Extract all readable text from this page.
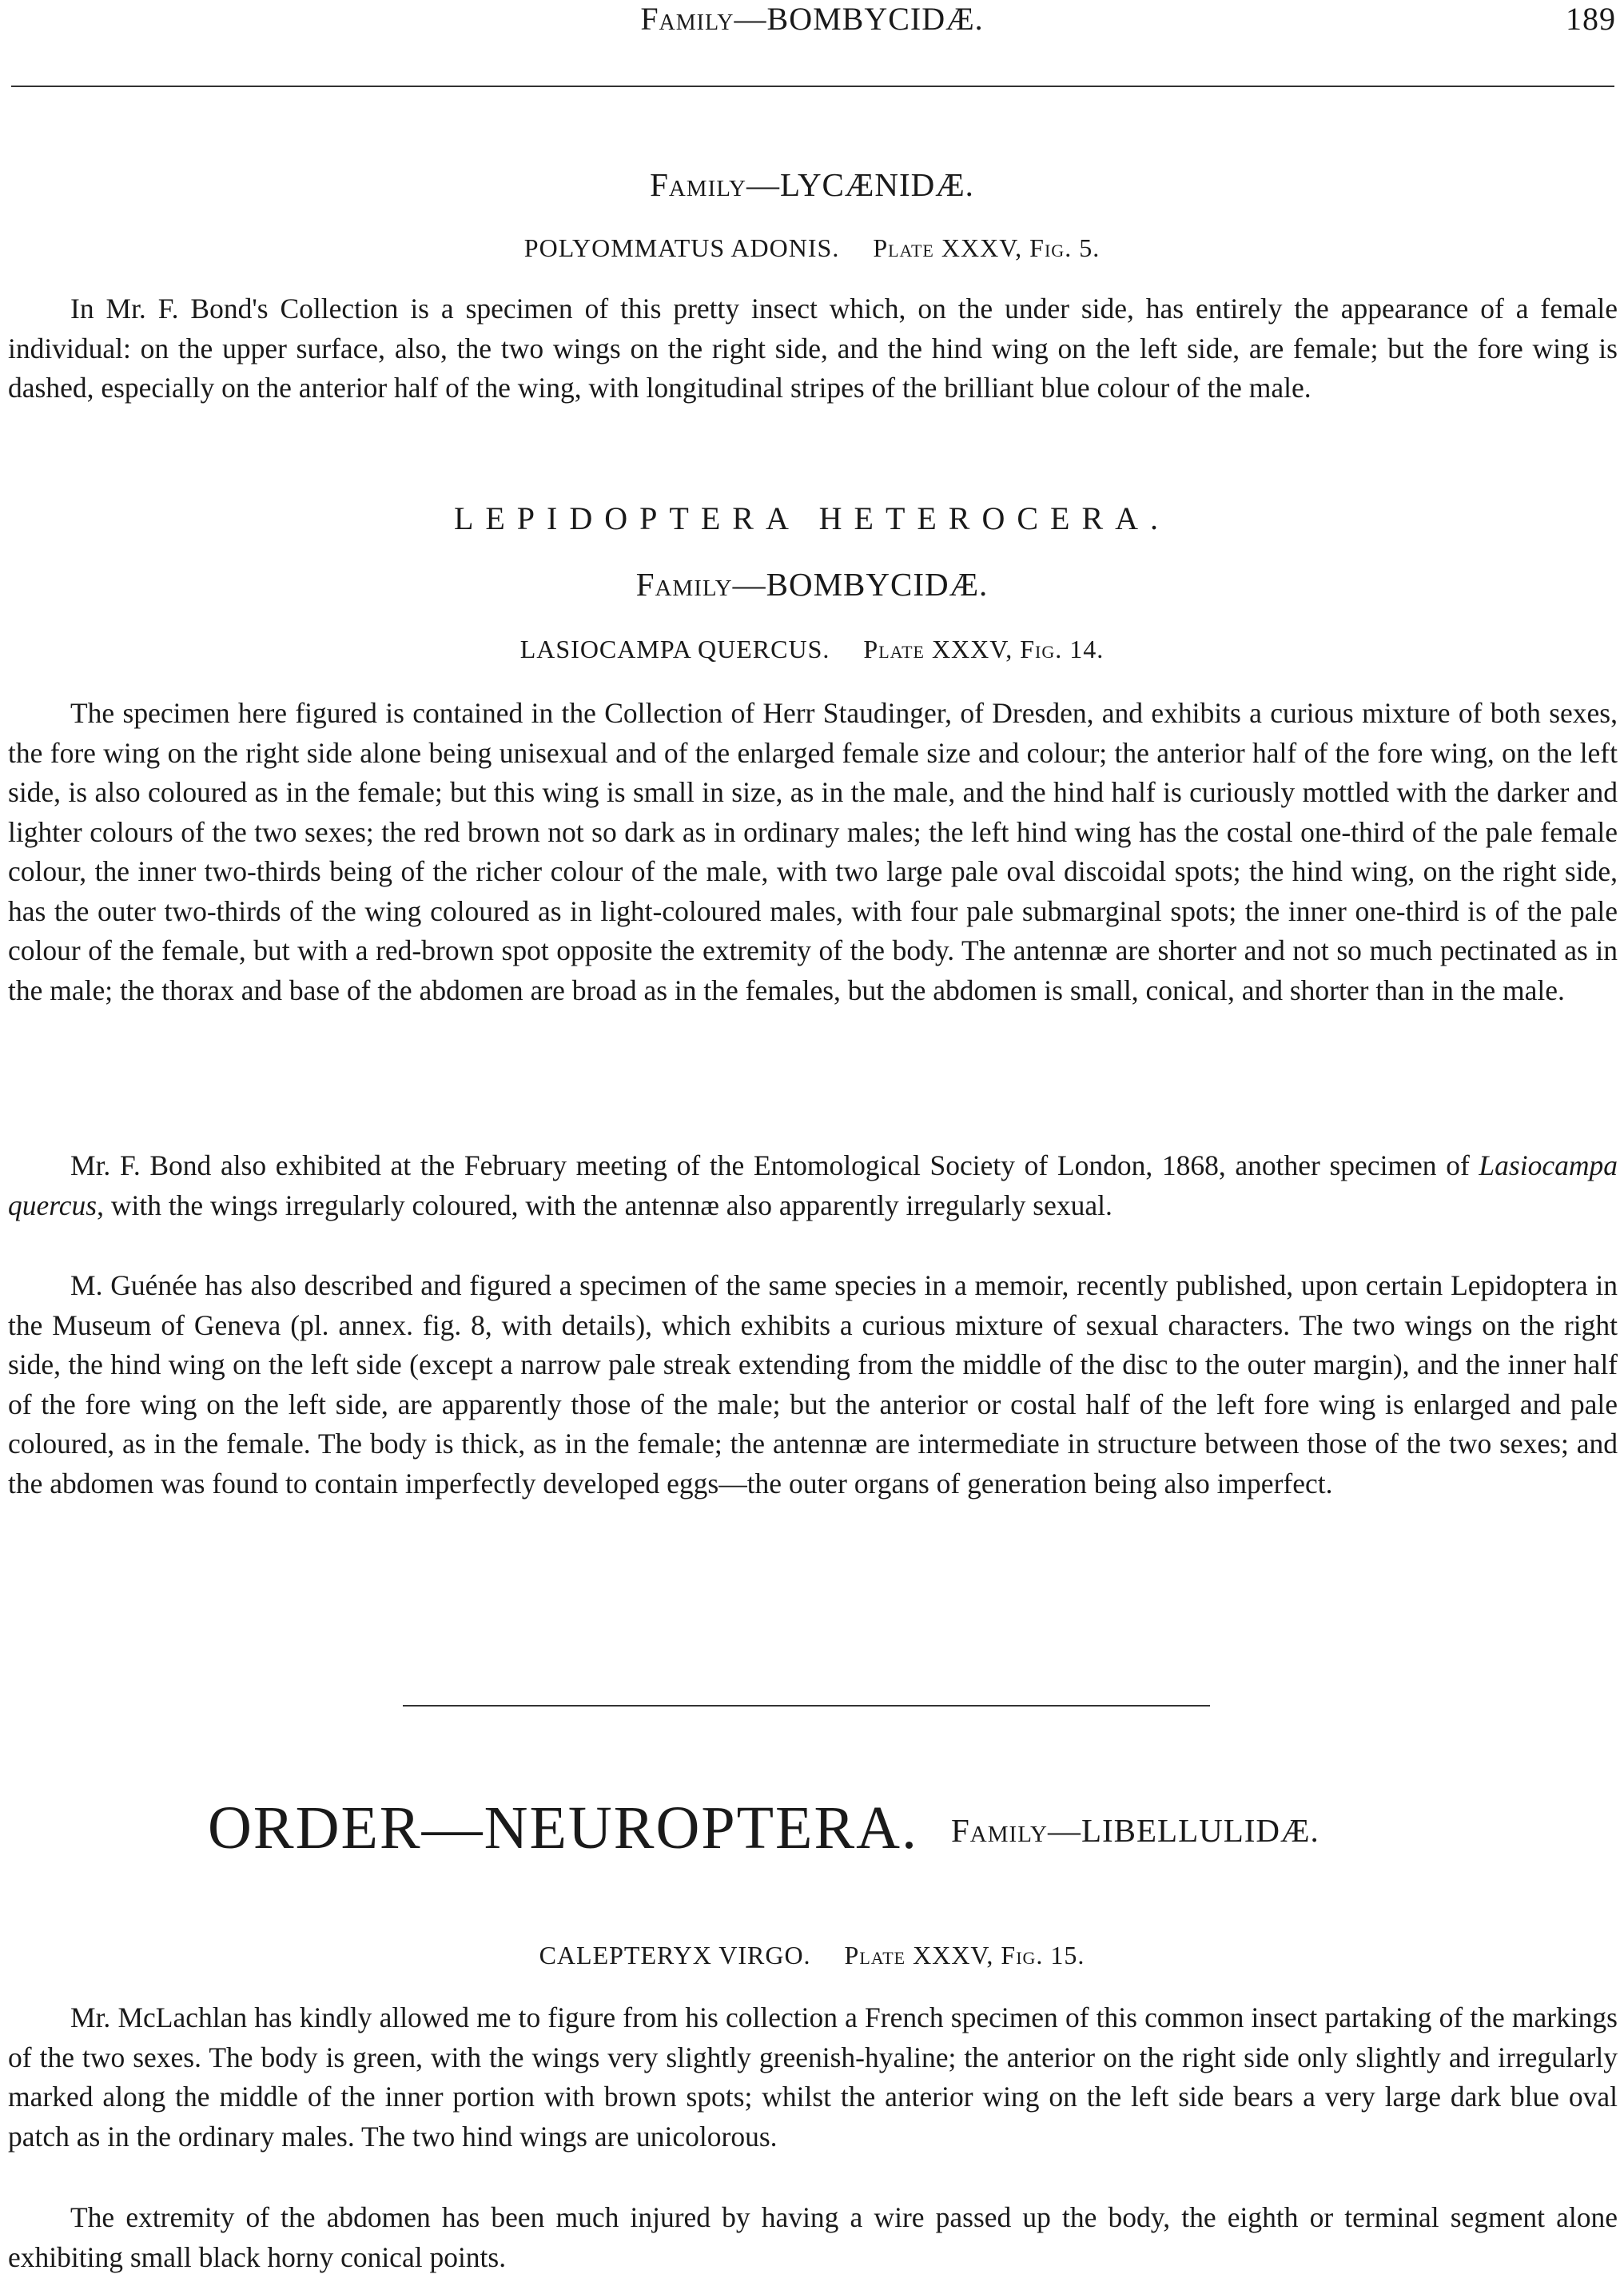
Family—BOMBYCIDÆ.	189
Family—LYCÆNIDÆ.
POLYOMMATUS ADONIS.   Plate XXXV, Fig. 5.

In Mr. F. Bond's Collection is a specimen of this pretty insect which, on the under side, has entirely the appearance of a female individual: on the upper surface, also, the two wings on the right side, and the hind wing on the left side, are female; but the fore wing is dashed, especially on the anterior half of the wing, with longitudinal stripes of the brilliant blue colour of the male.

LEPIDOPTERA HETEROCERA.
Family—BOMBYCIDÆ.
LASIOCAMPA QUERCUS.   Plate XXXV, Fig. 14.

The specimen here figured is contained in the Collection of Herr Staudinger, of Dresden, and exhibits a curious mixture of both sexes, the fore wing on the right side alone being unisexual and of the enlarged female size and colour; the anterior half of the fore wing, on the left side, is also coloured as in the female; but this wing is small in size, as in the male, and the hind half is curiously mottled with the darker and lighter colours of the two sexes; the red brown not so dark as in ordinary males; the left hind wing has the costal one-third of the pale female colour, the inner two-thirds being of the richer colour of the male, with two large pale oval discoidal spots; the hind wing, on the right side, has the outer two-thirds of the wing coloured as in light-coloured males, with four pale submarginal spots; the inner one-third is of the pale colour of the female, but with a red-brown spot opposite the extremity of the body. The antennæ are shorter and not so much pectinated as in the male; the thorax and base of the abdomen are broad as in the females, but the abdomen is small, conical, and shorter than in the male.

Mr. F. Bond also exhibited at the February meeting of the Entomological Society of London, 1868, another specimen of Lasiocampa quercus, with the wings irregularly coloured, with the antennæ also apparently irregularly sexual.

M. Guénée has also described and figured a specimen of the same species in a memoir, recently published, upon certain Lepidoptera in the Museum of Geneva (pl. annex. fig. 8, with details), which exhibits a curious mixture of sexual characters. The two wings on the right side, the hind wing on the left side (except a narrow pale streak extending from the middle of the disc to the outer margin), and the inner half of the fore wing on the left side, are apparently those of the male; but the anterior or costal half of the left fore wing is enlarged and pale coloured, as in the female. The body is thick, as in the female; the antennæ are intermediate in structure between those of the two sexes; and the abdomen was found to contain imperfectly developed eggs—the outer organs of generation being also imperfect.

ORDER—NEUROPTERA. Family—LIBELLULIDÆ.
CALEPTERYX VIRGO.   Plate XXXV, Fig. 15.

Mr. McLachlan has kindly allowed me to figure from his collection a French specimen of this common insect partaking of the markings of the two sexes. The body is green, with the wings very slightly greenish-hyaline; the anterior on the right side only slightly and irregularly marked along the middle of the inner portion with brown spots; whilst the anterior wing on the left side bears a very large dark blue oval patch as in the ordinary males. The two hind wings are unicolorous.

The extremity of the abdomen has been much injured by having a wire passed up the body, the eighth or terminal segment alone exhibiting small black horny conical points.
